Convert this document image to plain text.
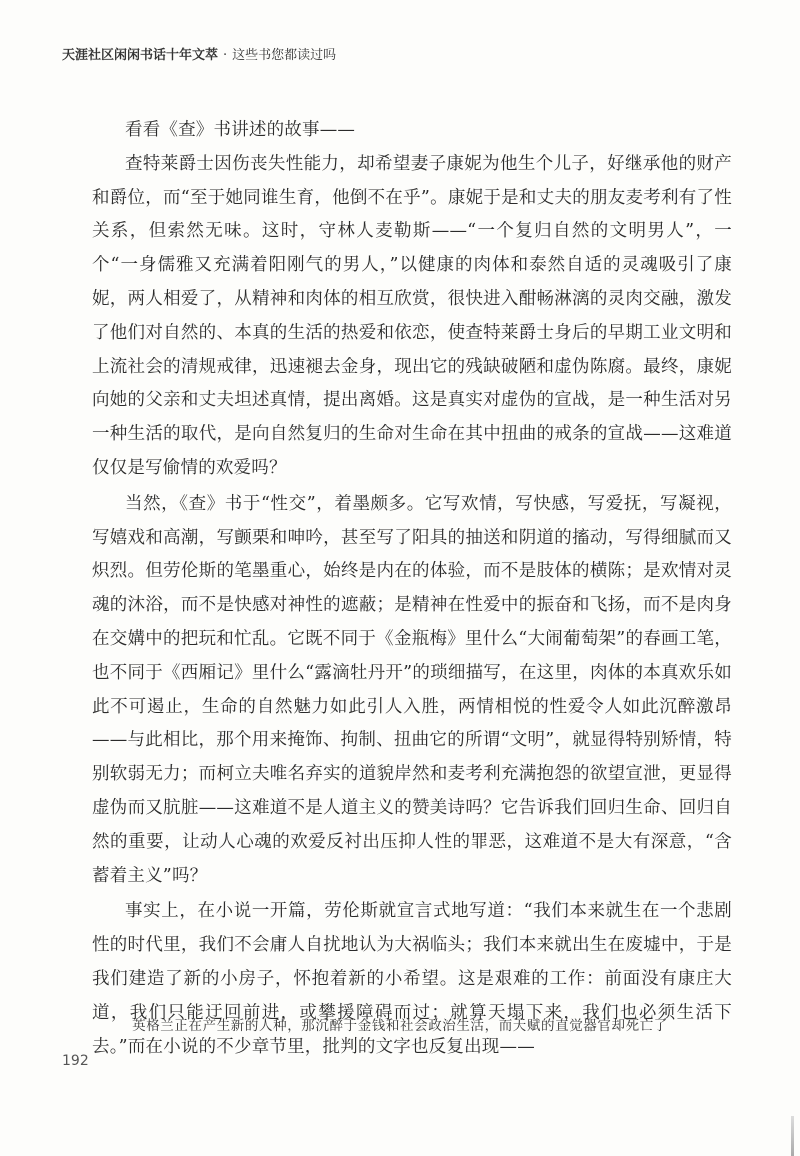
天涯社区闲闲书话十年文萃 · 这些书您都读过吗

看看《查》书讲述的故事——

查特莱爵士因伤丧失性能力，却希望妻子康妮为他生个儿子，好继承他的财产和爵位，而“至于她同谁生育，他倒不在乎”。康妮于是和丈夫的朋友麦考利有了性关系，但索然无味。这时，守林人麦勒斯——“一个复归自然的文明男人”，一个“一身儒雅又充满着阳刚气的男人，”以健康的肉体和泰然自适的灵魂吸引了康妮，两人相爱了，从精神和肉体的相互欣赏，很快进入酣畅淋漓的灵肉交融，激发了他们对自然的、本真的生活的热爱和依恋，使查特莱爵士身后的早期工业文明和上流社会的清规戒律，迅速褪去金身，现出它的残缺破陋和虚伪陈腐。最终，康妮向她的父亲和丈夫坦述真情，提出离婚。这是真实对虚伪的宣战，是一种生活对另一种生活的取代，是向自然复归的生命对生命在其中扭曲的戒条的宣战——这难道仅仅是写偷情的欢爱吗？

当然，《查》书于“性交”，着墨颇多。它写欢情，写快感，写爱抚，写凝视，写嬉戏和高潮，写颤栗和呻吟，甚至写了阳具的抽送和阴道的搐动，写得细腻而又炽烈。但劳伦斯的笔墨重心，始终是内在的体验，而不是肢体的横陈；是欢情对灵魂的沐浴，而不是快感对神性的遮蔽；是精神在性爱中的振奋和飞扬，而不是肉身在交媾中的把玩和忙乱。它既不同于《金瓶梅》里什么“大闹葡萄架”的春画工笔，也不同于《西厢记》里什么“露滴牡丹开”的琐细描写，在这里，肉体的本真欢乐如此不可遏止，生命的自然魅力如此引人入胜，两情相悦的性爱令人如此沉醉激昂——与此相比，那个用来掩饰、拘制、扭曲它的所谓“文明”，就显得特别矫情，特别软弱无力；而柯立夫唯名弃实的道貌岸然和麦考利充满抱怨的欲望宣泄，更显得虚伪而又肮脏——这难道不是人道主义的赞美诗吗？它告诉我们回归生命、回归自然的重要，让动人心魂的欢爱反衬出压抑人性的罪恶，这难道不是大有深意，“含蓄着主义”吗？

事实上，在小说一开篇，劳伦斯就宣言式地写道：“我们本来就生在一个悲剧性的时代里，我们不会庸人自扰地认为大祸临头；我们本来就出生在废墟中，于是我们建造了新的小房子，怀抱着新的小希望。这是艰难的工作：前面没有康庄大道，我们只能迂回前进，或攀援障碍而过；就算天塌下来，我们也必须生活下去。”而在小说的不少章节里，批判的文字也反复出现——

英格兰正在产生新的人种，那沉醉于金钱和社会政治生活，而天赋的直觉器官却死亡了
192
